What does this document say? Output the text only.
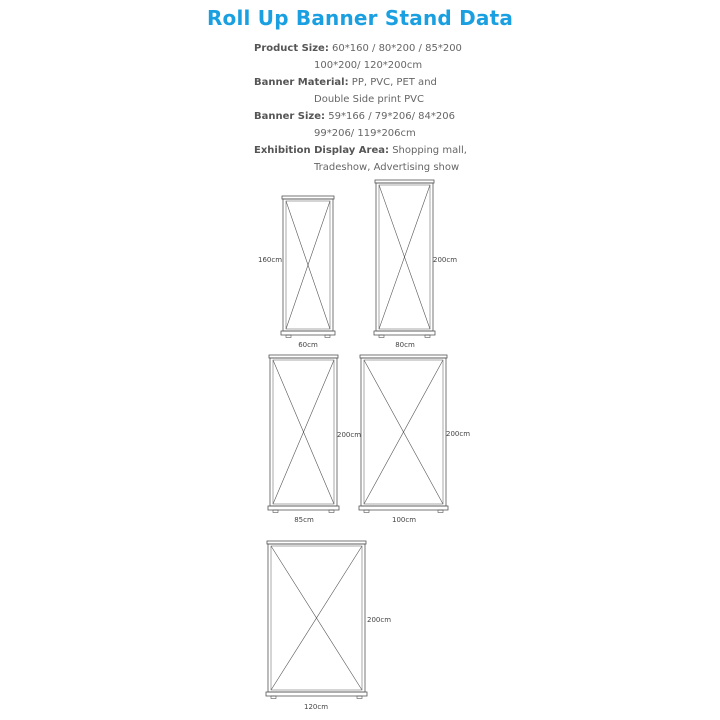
Roll Up Banner Stand Data
Product Size: 60*160 / 80*200 / 85*200
100*200/ 120*200cm
Banner Material: PP, PVC, PET and
Double Side print PVC
Banner Size: 59*166 / 79*206/ 84*206
99*206/ 119*206cm
Exhibition Display Area: Shopping mall,
Tradeshow, Advertising show
160cm
60cm
200cm
80cm
200cm
85cm
200cm
100cm
200cm
120cm
